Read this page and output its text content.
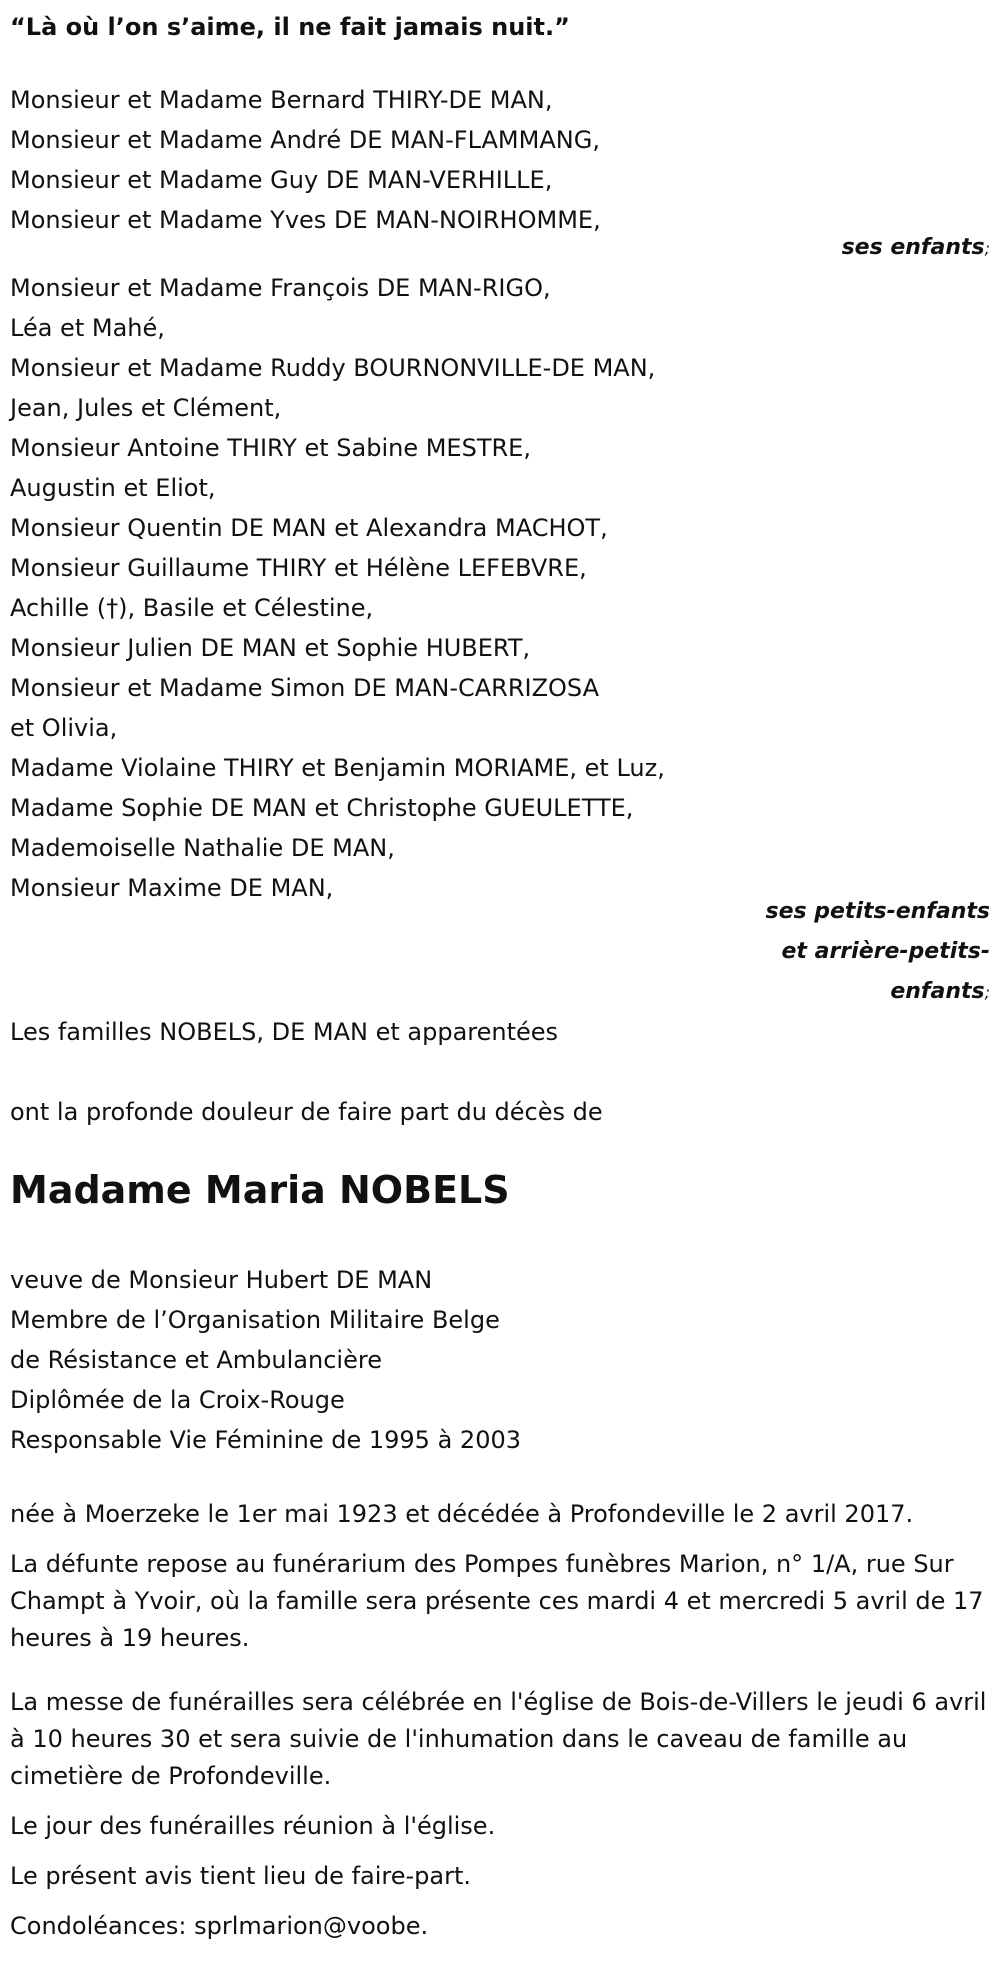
“Là où l’on s’aime, il ne fait jamais nuit.”
Monsieur et Madame Bernard THIRY-DE MAN,
Monsieur et Madame André DE MAN-FLAMMANG,
Monsieur et Madame Guy DE MAN-VERHILLE,
Monsieur et Madame Yves DE MAN-NOIRHOMME,
ses enfants;
Monsieur et Madame François DE MAN-RIGO,
Léa et Mahé,
Monsieur et Madame Ruddy BOURNONVILLE-DE MAN,
Jean, Jules et Clément,
Monsieur Antoine THIRY et Sabine MESTRE,
Augustin et Eliot,
Monsieur Quentin DE MAN et Alexandra MACHOT,
Monsieur Guillaume THIRY et Hélène LEFEBVRE,
Achille (†), Basile et Célestine,
Monsieur Julien DE MAN et Sophie HUBERT,
Monsieur et Madame Simon DE MAN-CARRIZOSA
et Olivia,
Madame Violaine THIRY et Benjamin MORIAME, et Luz,
Madame Sophie DE MAN et Christophe GUEULETTE,
Mademoiselle Nathalie DE MAN,
Monsieur Maxime DE MAN,
ses petits-enfants
et arrière-petits-
enfants;
Les familles NOBELS, DE MAN et apparentées
ont la profonde douleur de faire part du décès de
Madame Maria NOBELS
veuve de Monsieur Hubert DE MAN
Membre de l’Organisation Militaire Belge
de Résistance et Ambulancière
Diplômée de la Croix-Rouge
Responsable Vie Féminine de 1995 à 2003
née à Moerzeke le 1er mai 1923 et décédée à Profondeville le 2 avril 2017.
La défunte repose au funérarium des Pompes funèbres Marion, n° 1/A, rue Sur Champt à Yvoir, où la famille sera présente ces mardi 4 et mercredi 5 avril de 17 heures à 19 heures.
La messe de funérailles sera célébrée en l'église de Bois-de-Villers le jeudi 6 avril à 10 heures 30 et sera suivie de l'inhumation dans le caveau de famille au cimetière de Profondeville.
Le jour des funérailles réunion à l'église.
Le présent avis tient lieu de faire-part.
Condoléances: sprlmarion@voobe.
